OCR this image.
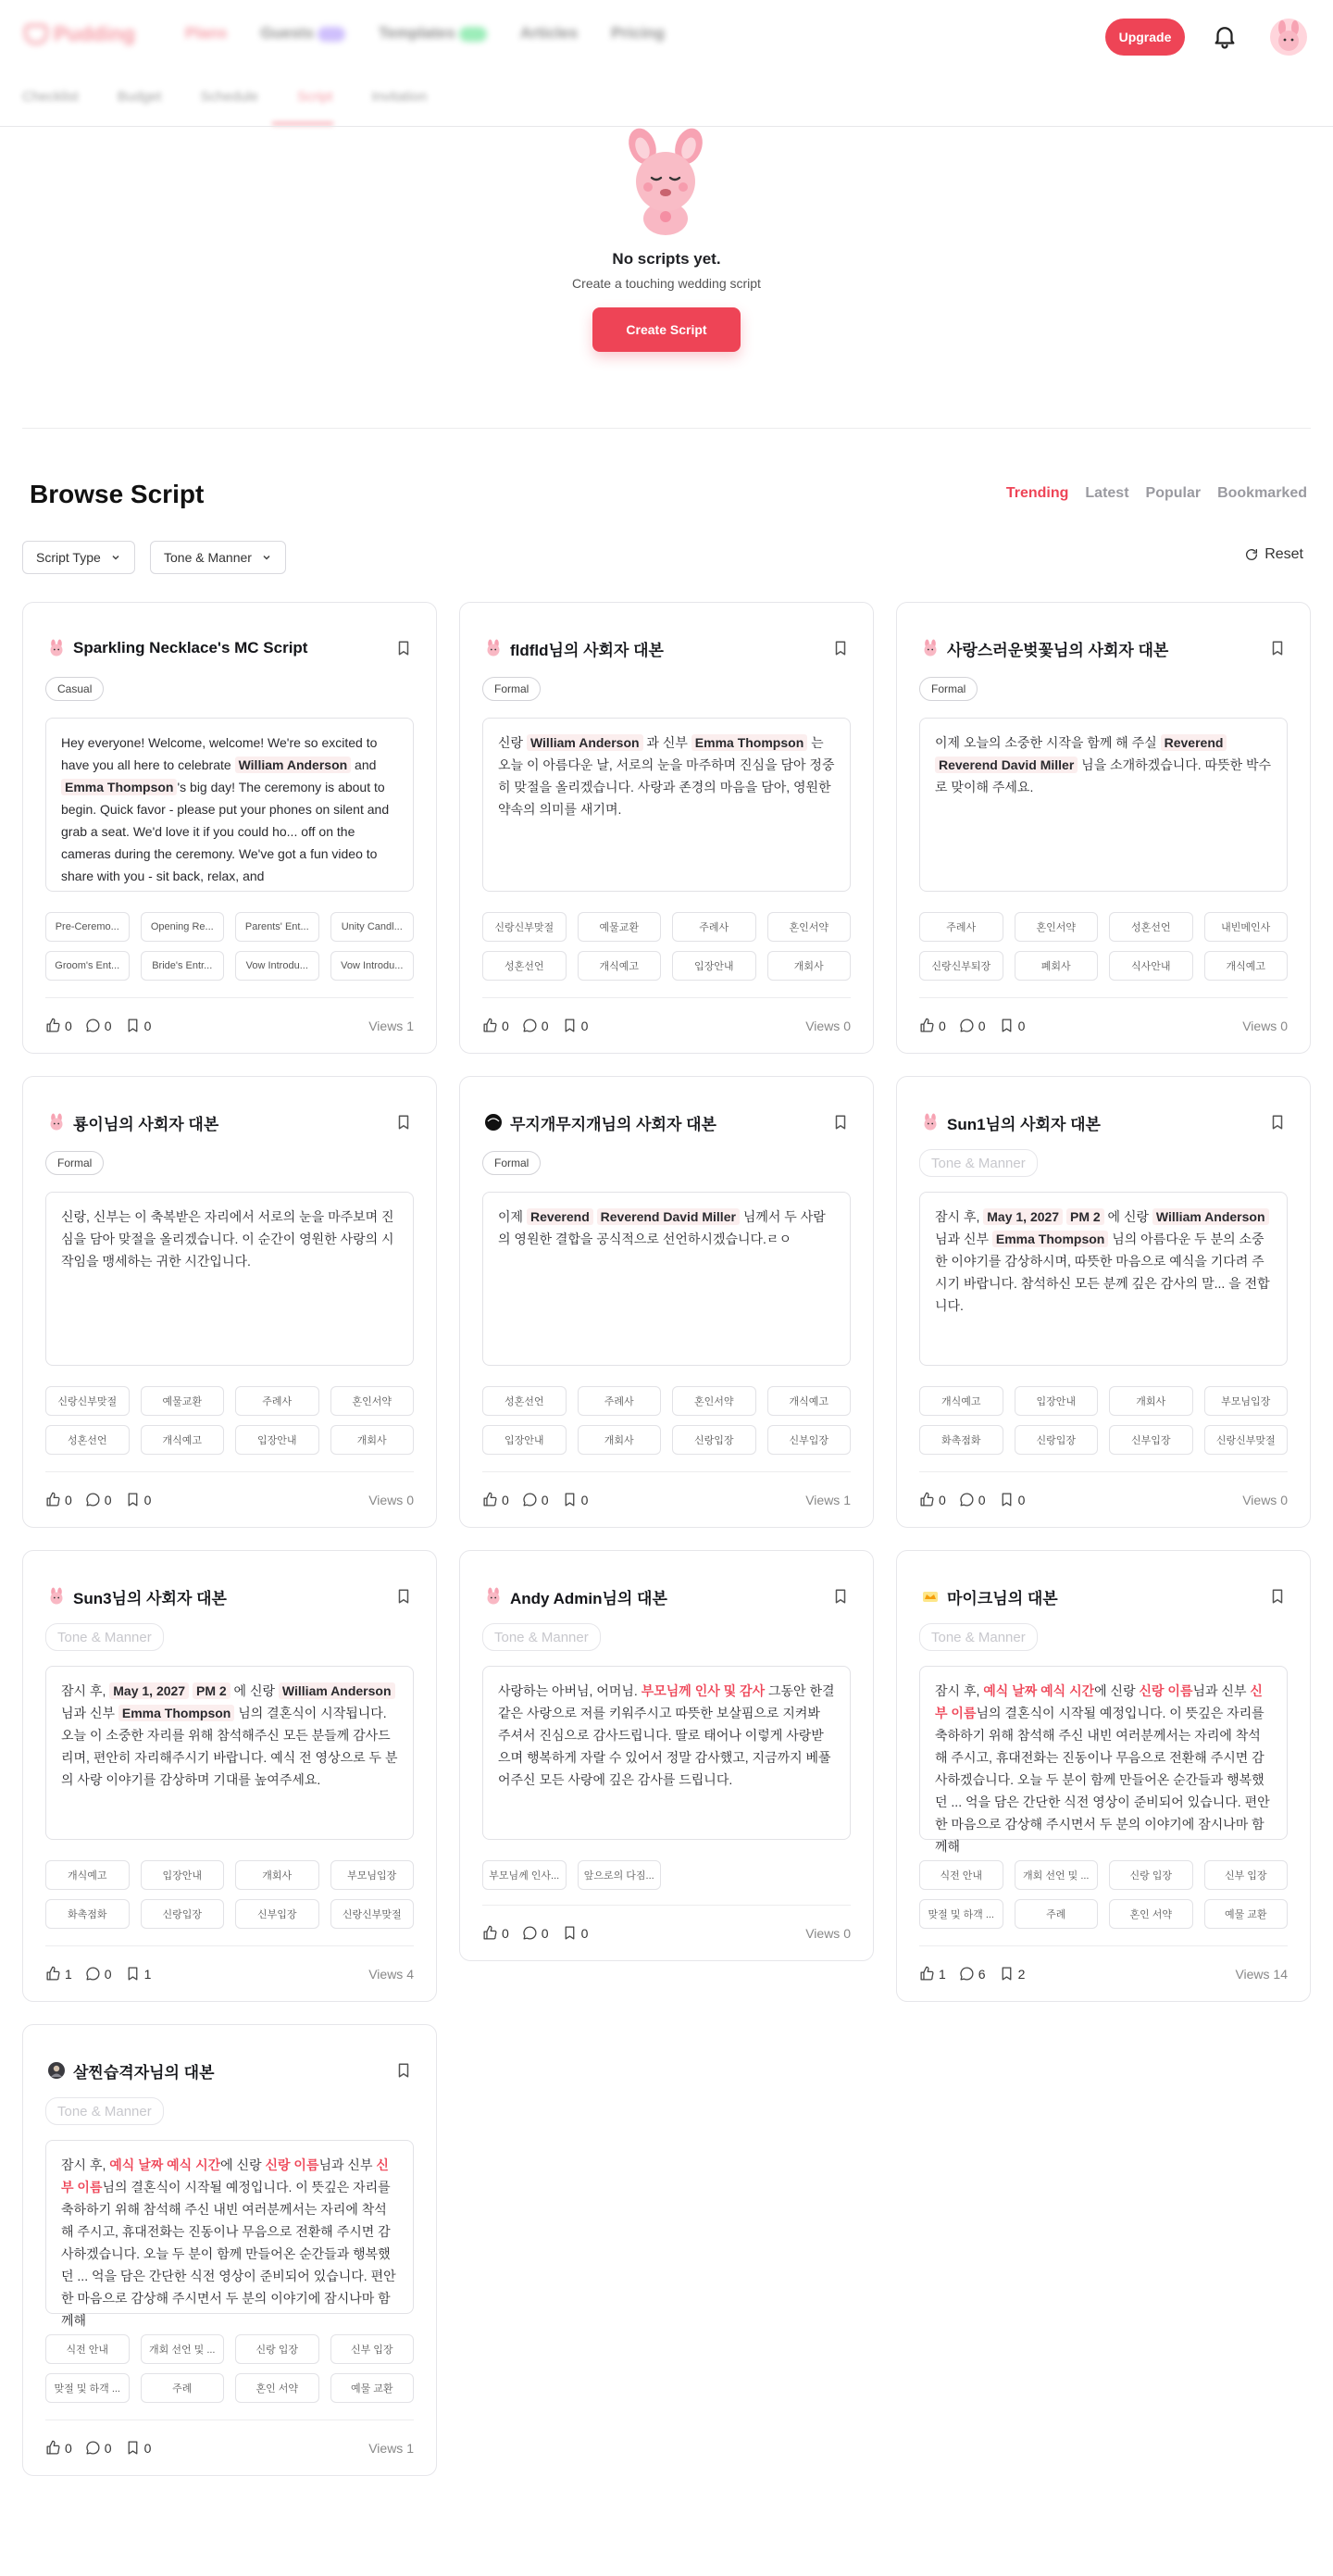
Pudding	Plans Guests	Templates	Articles Pricing	Upgrade
Checklist	Budget	Schedule	Script	Invitation
No scripts yet.
Create a touching wedding script
Create Script
Browse Script	Trending Latest Popular Bookmarked
Script Type	Tone & Manner	Reset
Sparkling Necklace's MC Script
Casual
Hey everyone! Welcome, welcome! We're so excited to have you all here to celebrate William Anderson and Emma Thompson 's big day! The ceremony is about to begin. Quick favor - please put your phones on silent and grab a seat. We'd love it if you could ho... off on the cameras during the ceremony. We've got a fun video to share with you - sit back, relax, and
Pre-Ceremo...	Opening Re...	Parents' Ent...	Unity Candl...
Groom's Ent...	Bride's Entr...	Vow Introdu...	Vow Introdu...
0	0	0	Views 1
fldfld님의 사회자 대본
Formal
신랑 William Anderson 과 신부 Emma Thompson 는 오늘 이 아름다운 날, 서로의 눈을 마주하며 진심을 담아 정중히 맞절을 올리겠습니다. 사랑과 존경의 마음을 담아, 영원한 약속의 의미를 새기며.
신랑신부맞절	예물교환	주례사	혼인서약
성혼선언	개식예고	입장안내	개회사
0	0	0	Views 0
사랑스러운벚꽃님의 사회자 대본
Formal
이제 오늘의 소중한 시작을 함께 해 주실 Reverend Reverend David Miller 님을 소개하겠습니다. 따뜻한 박수로 맞이해 주세요.
주례사	혼인서약	성혼선언	내빈메인사
신랑신부퇴장	폐회사	식사안내	개식예고
0	0	0	Views 0
룡이님의 사회자 대본
Formal
신랑, 신부는 이 축복받은 자리에서 서로의 눈을 마주보며 진심을 담아 맞절을 올리겠습니다. 이 순간이 영원한 사랑의 시작임을 맹세하는 귀한 시간입니다.
신랑신부맞절	예물교환	주례사	혼인서약
성혼선언	개식예고	입장안내	개회사
0	0	0	Views 0
무지개무지개님의 사회자 대본
Formal
이제 Reverend Reverend David Miller 님께서 두 사람의 영원한 결합을 공식적으로 선언하시겠습니다.ㄹㅇ
성혼선언	주례사	혼인서약	개식예고
입장안내	개회사	신랑입장	신부입장
0	0	0	Views 1
Sun1님의 사회자 대본
Tone & Manner
잠시 후, May 1, 2027 PM 2 에 신랑 William Anderson 님과 신부 Emma Thompson 님의 아름다운 두 분의 소중한 이야기를 감상하시며, 따뜻한 마음으로 예식을 기다려 주시기 바랍니다. 참석하신 모든 분께 깊은 감사의 말... 을 전합니다.
개식예고	입장안내	개회사	부모님입장
화촉점화	신랑입장	신부입장	신랑신부맞절
0	0	0	Views 0
Sun3님의 사회자 대본
Tone & Manner
잠시 후, May 1, 2027 PM 2 에 신랑 William Anderson 님과 신부 Emma Thompson 님의 결혼식이 시작됩니다. 오늘 이 소중한 자리를 위해 참석해주신 모든 분들께 감사드리며, 편안히 자리해주시기 바랍니다. 예식 전 영상으로 두 분의 사랑 이야기를 감상하며 기대를 높여주세요.
개식예고	입장안내	개회사	부모님입장
화촉점화	신랑입장	신부입장	신랑신부맞절
1	0	1	Views 4
Andy Admin님의 대본
Tone & Manner
사랑하는 아버님, 어머님. 부모님께 인사 및 감사 그동안 한결같은 사랑으로 저를 키워주시고 따뜻한 보살핌으로 지켜봐 주셔서 진심으로 감사드립니다. 딸로 태어나 이렇게 사랑받으며 행복하게 자랄 수 있어서 정말 감사했고, 지금까지 베풀어주신 모든 사랑에 깊은 감사를 드립니다.
부모님께 인사...	앞으로의 다짐...
0	0	0	Views 0
마이크님의 대본
Tone & Manner
잠시 후, 예식 날짜 예식 시간에 신랑 신랑 이름님과 신부 신부 이름님의 결혼식이 시작될 예정입니다. 이 뜻깊은 자리를 축하하기 위해 참석해 주신 내빈 여러분께서는 자리에 착석해 주시고, 휴대전화는 진동이나 무음으로 전환해 주시면 감사하겠습니다. 오늘 두 분이 함께 만들어온 순간들과 행복했던 ... 억을 담은 간단한 식전 영상이 준비되어 있습니다. 편안한 마음으로 감상해 주시면서 두 분의 이야기에 잠시나마 함께해
식전 안내	개회 선언 및 ...	신랑 입장	신부 입장
맞절 및 하객 ...	주례	혼인 서약	예물 교환
1	6	2	Views 14
살찐습격자님의 대본
Tone & Manner
잠시 후, 예식 날짜 예식 시간에 신랑 신랑 이름님과 신부 신부 이름님의 결혼식이 시작될 예정입니다. 이 뜻깊은 자리를 축하하기 위해 참석해 주신 내빈 여러분께서는 자리에 착석해 주시고, 휴대전화는 진동이나 무음으로 전환해 주시면 감사하겠습니다. 오늘 두 분이 함께 만들어온 순간들과 행복했던 ... 억을 담은 간단한 식전 영상이 준비되어 있습니다. 편안한 마음으로 감상해 주시면서 두 분의 이야기에 잠시나마 함께해
식전 안내	개회 선언 및 ...	신랑 입장	신부 입장
맞절 및 하객 ...	주례	혼인 서약	예물 교환
0	0	0	Views 1
